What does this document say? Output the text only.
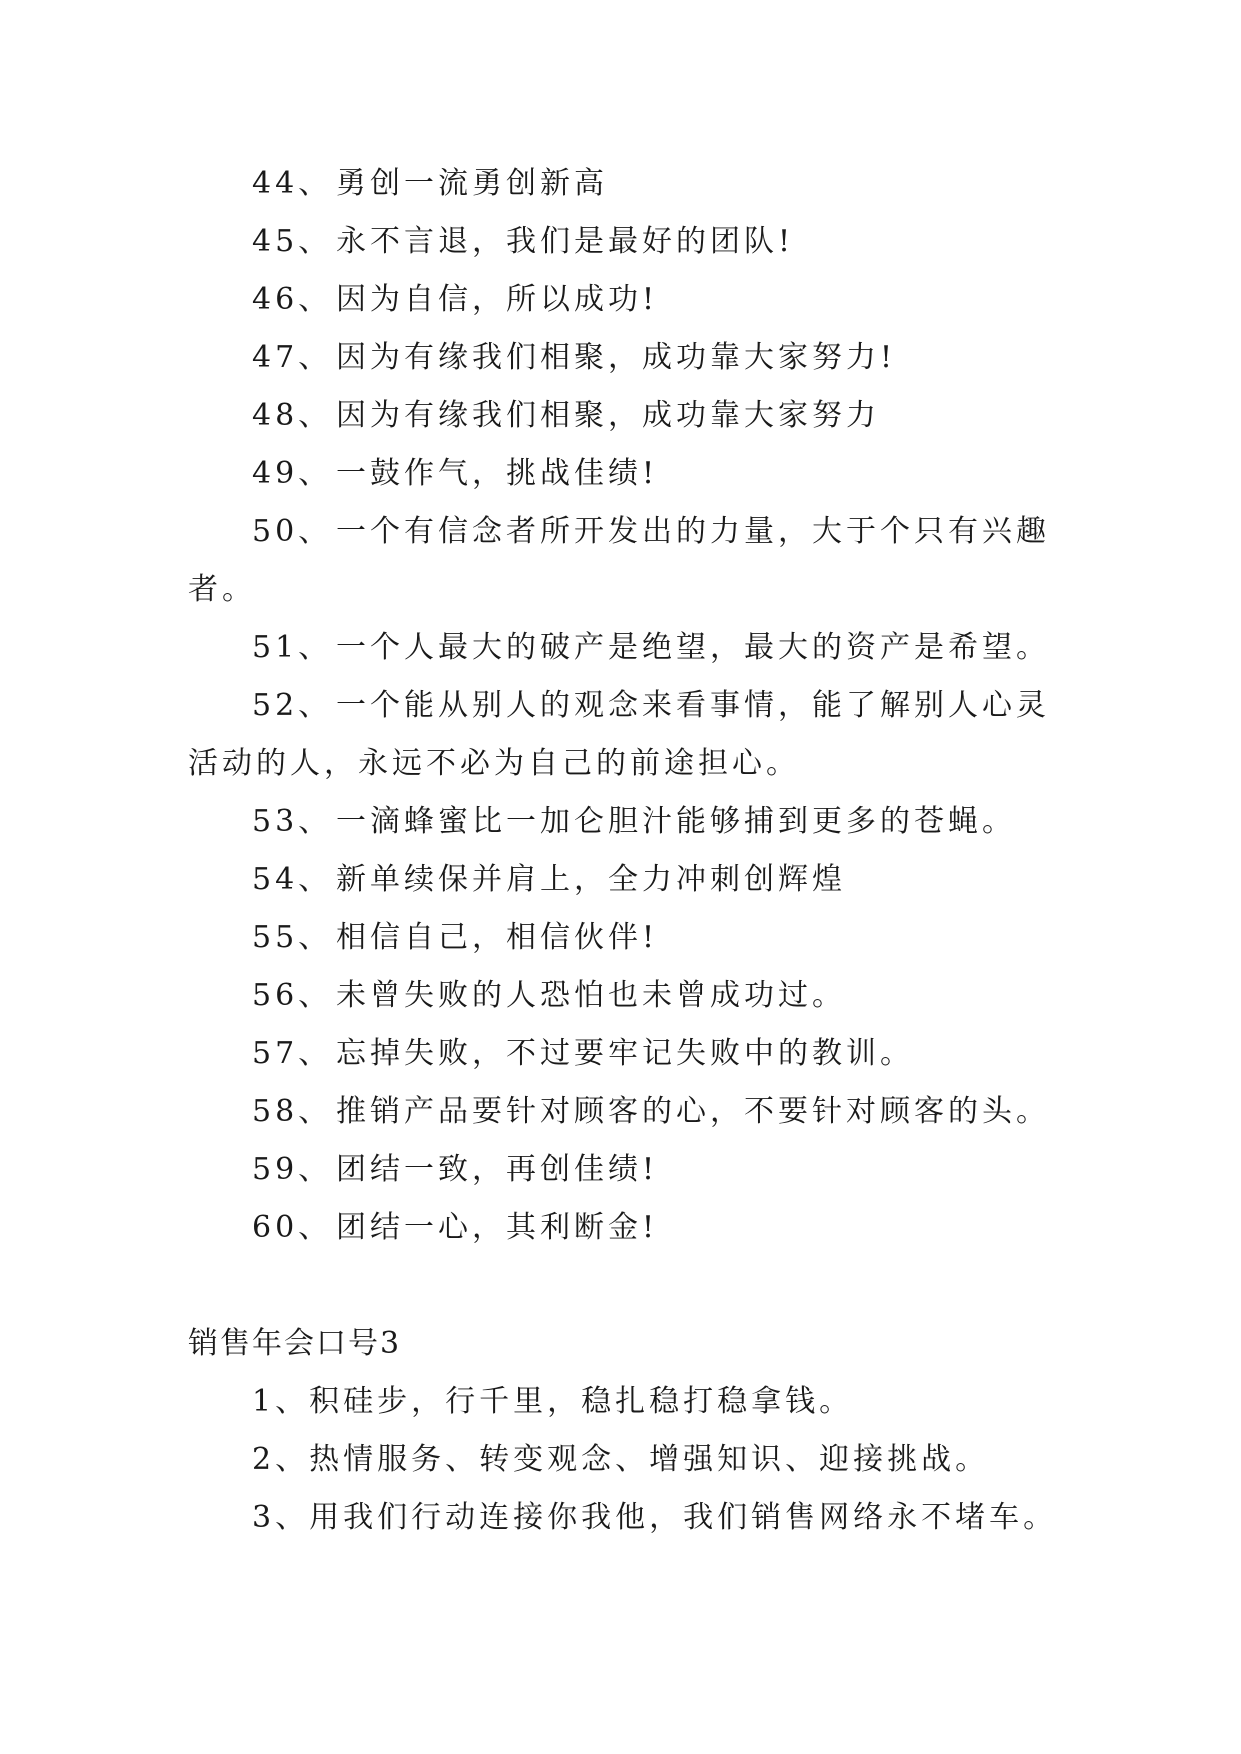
44、 勇创一流勇创新高
45、 永不言退，我们是最好的团队!
46、 因为自信，所以成功!
47、 因为有缘我们相聚，成功靠大家努力!
48、 因为有缘我们相聚，成功靠大家努力
49、 一鼓作气，挑战佳绩!
50、 一个有信念者所开发出的力量，大于个只有兴趣
者。
51、 一个人最大的破产是绝望，最大的资产是希望。
52、 一个能从别人的观念来看事情，能了解别人心灵
活动的人，永远不必为自己的前途担心。
53、 一滴蜂蜜比一加仑胆汁能够捕到更多的苍蝇。
54、 新单续保并肩上，全力冲刺创辉煌
55、 相信自己，相信伙伴!
56、 未曾失败的人恐怕也未曾成功过。
57、 忘掉失败，不过要牢记失败中的教训。
58、 推销产品要针对顾客的心，不要针对顾客的头。
59、 团结一致，再创佳绩!
60、 团结一心，其利断金!
销售年会口号3
1、积硅步，行千里，稳扎稳打稳拿钱。
2、热情服务、转变观念、增强知识、迎接挑战。
3、用我们行动连接你我他，我们销售网络永不堵车。
